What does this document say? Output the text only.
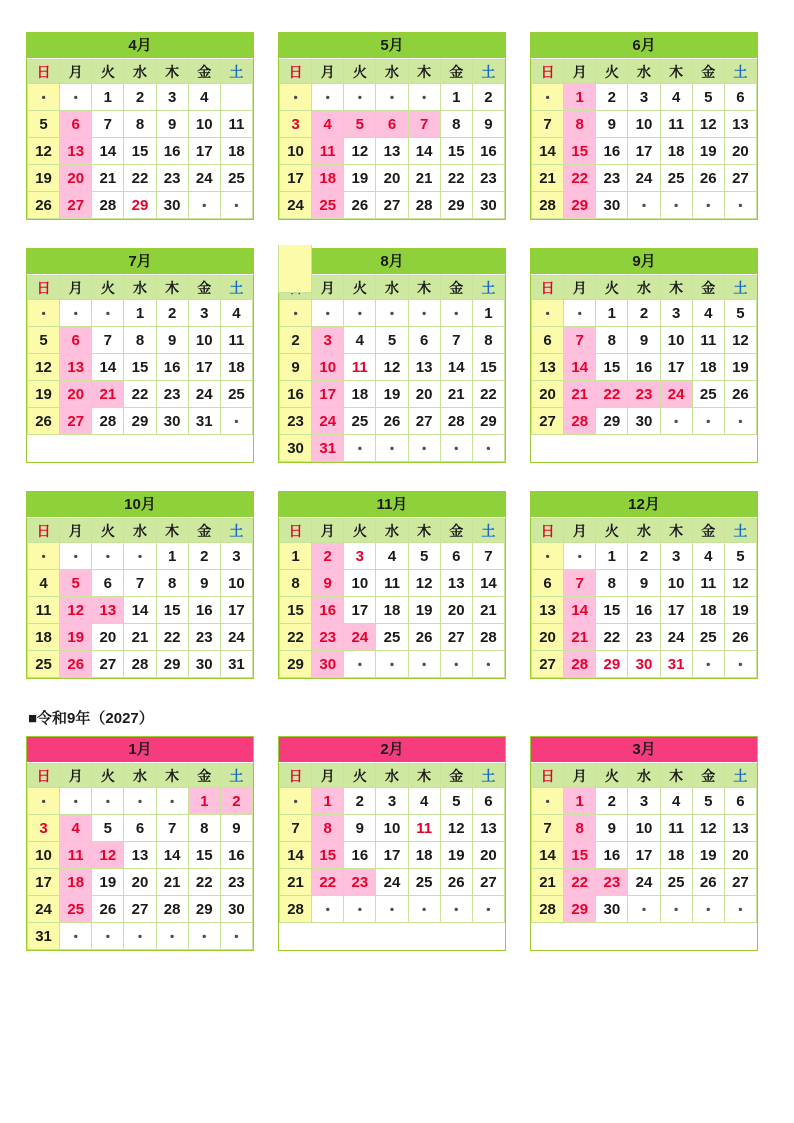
4月
日	月	火	水	木	金	土
・	・	1	2	3	4	
5	6	7	8	9	10	11
12	13	14	15	16	17	18
19	20	21	22	23	24	25
26	27	28	29	30	・	・
5月
日	月	火	水	木	金	土
・	・	・	・	・	1	2
3	4	5	6	7	8	9
10	11	12	13	14	15	16
17	18	19	20	21	22	23
24	25	26	27	28	29	30
6月
日	月	火	水	木	金	土
・	1	2	3	4	5	6
7	8	9	10	11	12	13
14	15	16	17	18	19	20
21	22	23	24	25	26	27
28	29	30	・	・	・	・
7月
日	月	火	水	木	金	土
・	・	・	1	2	3	4
5	6	7	8	9	10	11
12	13	14	15	16	17	18
19	20	21	22	23	24	25
26	27	28	29	30	31	・
8月
	月	火	水	木	金	土
・	・	・	・	・	・	1
2	3	4	5	6	7	8
9	10	11	12	13	14	15
16	17	18	19	20	21	22
23	24	25	26	27	28	29
30	31	・	・	・	・	・
9月
日	月	火	水	木	金	土
・	・	1	2	3	4	5
6	7	8	9	10	11	12
13	14	15	16	17	18	19
20	21	22	23	24	25	26
27	28	29	30	・	・	・
10月
日	月	火	水	木	金	土
・	・	・	・	1	2	3
4	5	6	7	8	9	10
11	12	13	14	15	16	17
18	19	20	21	22	23	24
25	26	27	28	29	30	31
11月
日	月	火	水	木	金	土
1	2	3	4	5	6	7
8	9	10	11	12	13	14
15	16	17	18	19	20	21
22	23	24	25	26	27	28
29	30	・	・	・	・	・
12月
日	月	火	水	木	金	土
・	・	1	2	3	4	5
6	7	8	9	10	11	12
13	14	15	16	17	18	19
20	21	22	23	24	25	26
27	28	29	30	31	・	・
■令和9年（2027）
1月
日	月	火	水	木	金	土
・	・	・	・	・	1	2
3	4	5	6	7	8	9
10	11	12	13	14	15	16
17	18	19	20	21	22	23
24	25	26	27	28	29	30
31	・	・	・	・	・	・
2月
日	月	火	水	木	金	土
・	1	2	3	4	5	6
7	8	9	10	11	12	13
14	15	16	17	18	19	20
21	22	23	24	25	26	27
28	・	・	・	・	・	・
3月
日	月	火	水	木	金	土
・	1	2	3	4	5	6
7	8	9	10	11	12	13
14	15	16	17	18	19	20
21	22	23	24	25	26	27
28	29	30	・	・	・	・
